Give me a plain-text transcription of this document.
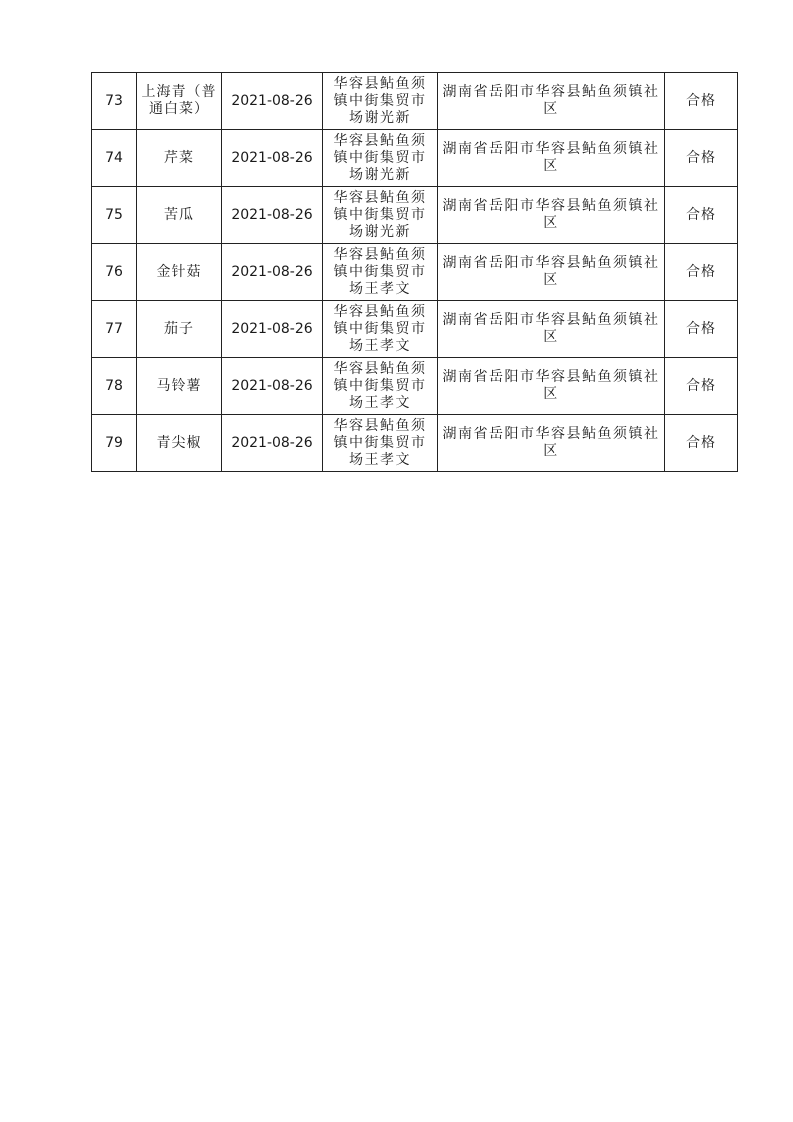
73	上海青（普通白菜）	2021-08-26	华容县鲇鱼须镇中街集贸市场谢光新	湖南省岳阳市华容县鲇鱼须镇社区	合格
74	芹菜	2021-08-26	华容县鲇鱼须镇中街集贸市场谢光新	湖南省岳阳市华容县鲇鱼须镇社区	合格
75	苦瓜	2021-08-26	华容县鲇鱼须镇中街集贸市场谢光新	湖南省岳阳市华容县鲇鱼须镇社区	合格
76	金针菇	2021-08-26	华容县鲇鱼须镇中街集贸市场王孝文	湖南省岳阳市华容县鲇鱼须镇社区	合格
77	茄子	2021-08-26	华容县鲇鱼须镇中街集贸市场王孝文	湖南省岳阳市华容县鲇鱼须镇社区	合格
78	马铃薯	2021-08-26	华容县鲇鱼须镇中街集贸市场王孝文	湖南省岳阳市华容县鲇鱼须镇社区	合格
79	青尖椒	2021-08-26	华容县鲇鱼须镇中街集贸市场王孝文	湖南省岳阳市华容县鲇鱼须镇社区	合格
